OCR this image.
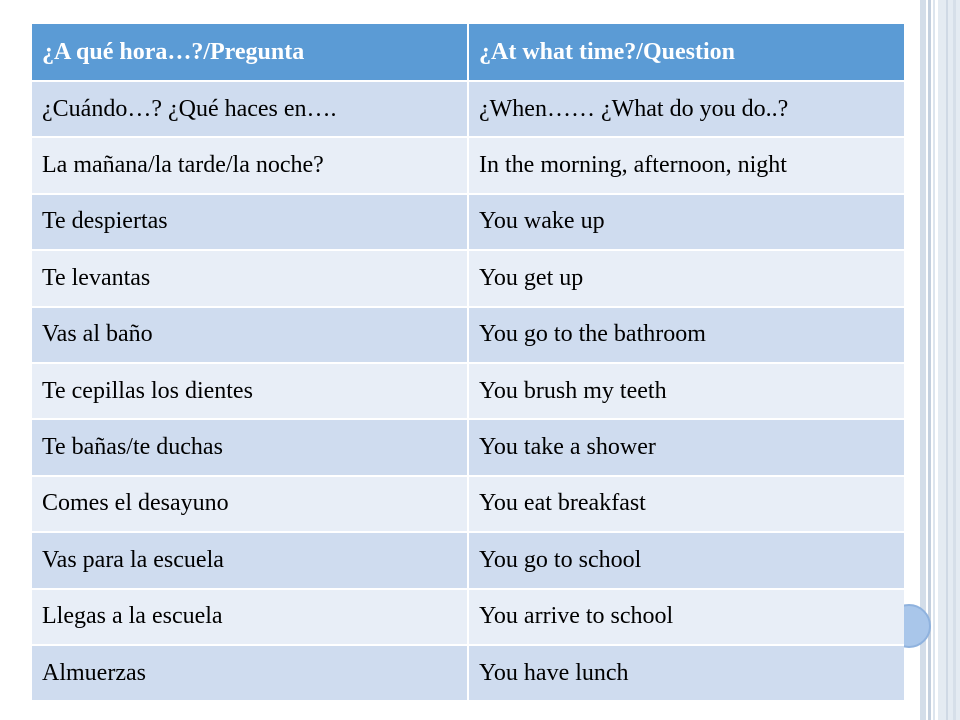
¿A qué hora…?/Pregunta	¿At what time?/Question
¿Cuándo…? ¿Qué haces en….	¿When…… ¿What do you do..?
La mañana/la tarde/la noche?	In the morning, afternoon, night
Te despiertas	You wake up
Te levantas	You get up
Vas al baño	You go to the bathroom
Te cepillas los dientes	You brush my teeth
Te bañas/te duchas	You take a shower
Comes el desayuno	You eat breakfast
Vas para la escuela	You go to school
Llegas a la escuela	You arrive to school
Almuerzas	You have lunch
